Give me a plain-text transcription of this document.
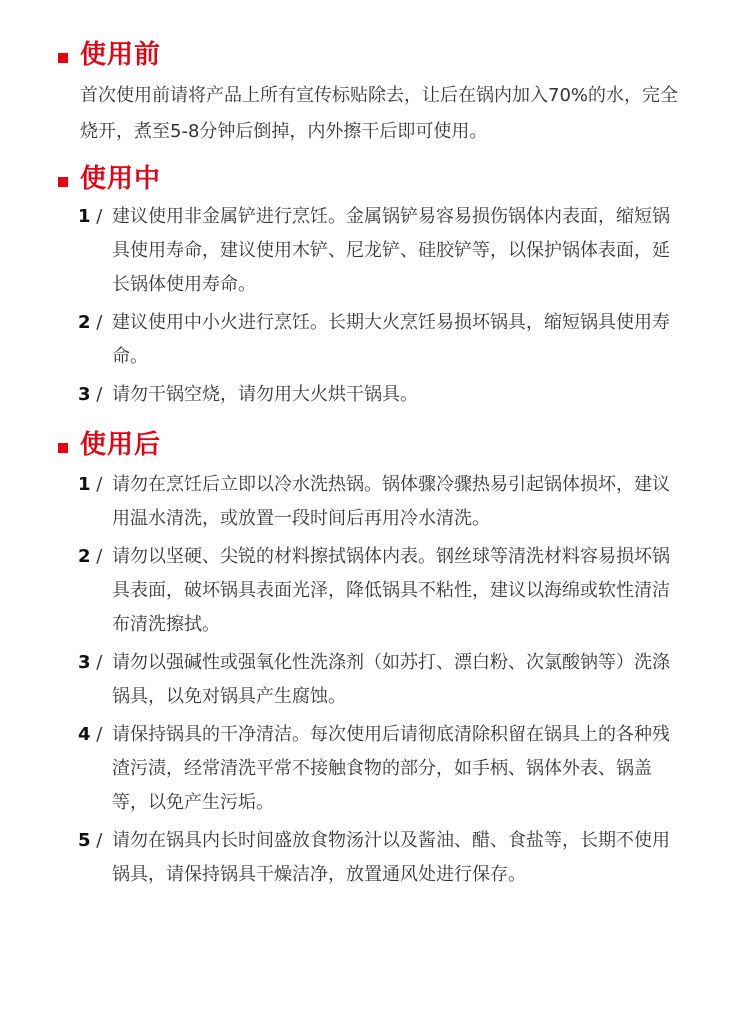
使用前
首次使用前请将产品上所有宣传标贴除去，让后在锅内加入70%的水，完全烧开，煮至5-8分钟后倒掉，内外擦干后即可使用。
使用中
1 / 建议使用非金属铲进行烹饪。金属锅铲易容易损伤锅体内表面，缩短锅具使用寿命，建议使用木铲、尼龙铲、硅胶铲等，以保护锅体表面，延长锅体使用寿命。
2 / 建议使用中小火进行烹饪。长期大火烹饪易损坏锅具，缩短锅具使用寿命。
3 / 请勿干锅空烧，请勿用大火烘干锅具。
使用后
1 / 请勿在烹饪后立即以冷水洗热锅。锅体骤冷骤热易引起锅体损坏，建议用温水清洗，或放置一段时间后再用冷水清洗。
2 / 请勿以坚硬、尖锐的材料擦拭锅体内表。钢丝球等清洗材料容易损坏锅具表面，破坏锅具表面光泽，降低锅具不粘性，建议以海绵或软性清洁布清洗擦拭。
3 / 请勿以强碱性或强氧化性洗涤剂（如苏打、漂白粉、次氯酸钠等）洗涤锅具，以免对锅具产生腐蚀。
4 / 请保持锅具的干净清洁。每次使用后请彻底清除积留在锅具上的各种残渣污渍，经常清洗平常不接触食物的部分，如手柄、锅体外表、锅盖等，以免产生污垢。
5 / 请勿在锅具内长时间盛放食物汤汁以及酱油、醋、食盐等，长期不使用锅具，请保持锅具干燥洁净，放置通风处进行保存。
